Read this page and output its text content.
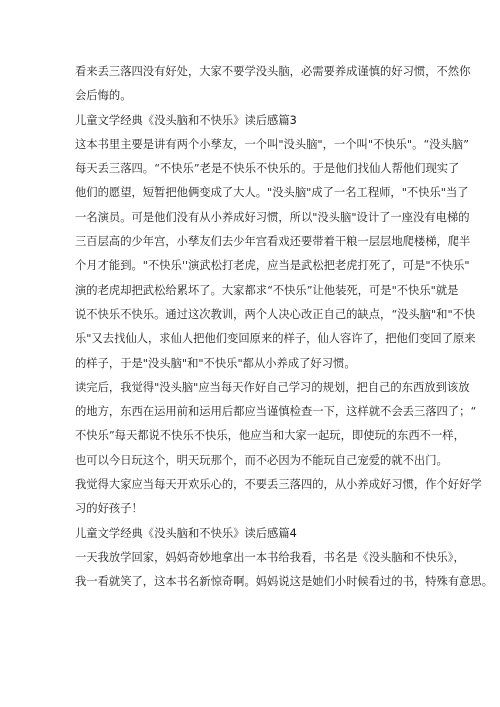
看来丢三落四没有好处，大家不要学没头脑，必需要养成谨慎的好习惯，不然你
会后悔的。
儿童文学经典《没头脑和不快乐》读后感篇3
这本书里主要是讲有两个小孳友，一个叫"没头脑"，一个叫"不快乐"。“没头脑”
每天丢三落四。“不快乐”老是不快乐不快乐的。于是他们找仙人帮他们现实了
他们的愿望，短暂把他俩变成了大人。"没头脑"成了一名工程师，"不快乐"当了
一名演员。可是他们没有从小养成好习惯，所以"没头脑"设计了一座没有电梯的
三百层高的少年宫，小孳友们去少年宫看戏还要带着干粮一层层地爬楼梯，爬半
个月才能到。"不快乐''演武松打老虎，应当是武松把老虎打死了，可是"不快乐"
演的老虎却把武松给累坏了。大家都求“不快乐”让他装死，可是"不快乐"就是
说不快乐不快乐。通过这次教训，两个人决心改正自己的缺点，“没头脑"和"不快
乐"又去找仙人，求仙人把他们变回原来的样子，仙人容许了，把他们变回了原来
的样子，于是"没头脑"和"不快乐"都从小养成了好习惯。
读完后，我觉得"没头脑"应当每天作好自己学习的规划，把自己的东西放到该放
的地方，东西在运用前和运用后都应当谨慎检查一下，这样就不会丢三落四了；“
不快乐”每天都说不快乐不快乐，他应当和大家一起玩，即使玩的东西不一样，
也可以今日玩这个，明天玩那个，而不必因为不能玩自己宠爱的就不出门。
我觉得大家应当每天开欢乐心的，不要丢三落四的，从小养成好习惯，作个好好学
习的好孩子！
儿童文学经典《没头脑和不快乐》读后感篇4
一天我放学回家，妈妈奇妙地拿出一本书给我看，书名是《没头脑和不快乐》，
我一看就笑了，这本书名新惊奇啊。妈妈说这是她们小时候看过的书，特殊有意思。
